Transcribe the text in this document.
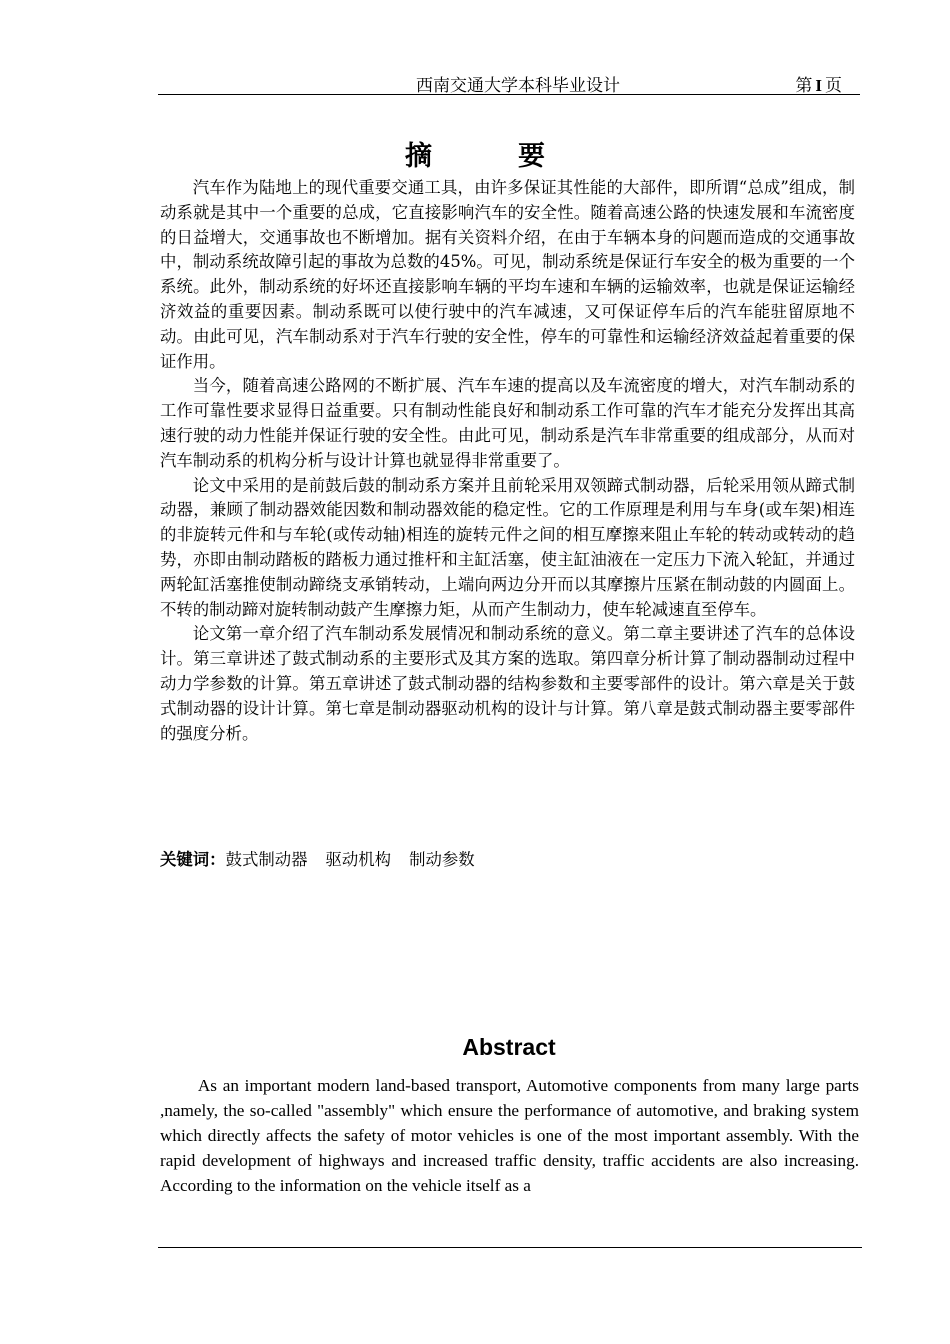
西南交通大学本科毕业设计	第 I 页
摘要

汽车作为陆地上的现代重要交通工具，由许多保证其性能的大部件，即所谓“总成”组成，制动系就是其中一个重要的总成，它直接影响汽车的安全性。随着高速公路的快速发展和车流密度的日益增大，交通事故也不断增加。据有关资料介绍，在由于车辆本身的问题而造成的交通事故中，制动系统故障引起的事故为总数的45%。可见，制动系统是保证行车安全的极为重要的一个系统。此外，制动系统的好坏还直接影响车辆的平均车速和车辆的运输效率，也就是保证运输经济效益的重要因素。制动系既可以使行驶中的汽车减速，又可保证停车后的汽车能驻留原地不动。由此可见，汽车制动系对于汽车行驶的安全性，停车的可靠性和运输经济效益起着重要的保证作用。

当今，随着高速公路网的不断扩展、汽车车速的提高以及车流密度的增大，对汽车制动系的工作可靠性要求显得日益重要。只有制动性能良好和制动系工作可靠的汽车才能充分发挥出其高速行驶的动力性能并保证行驶的安全性。由此可见，制动系是汽车非常重要的组成部分，从而对汽车制动系的机构分析与设计计算也就显得非常重要了。

论文中采用的是前鼓后鼓的制动系方案并且前轮采用双领蹄式制动器，后轮采用领从蹄式制动器，兼顾了制动器效能因数和制动器效能的稳定性。它的工作原理是利用与车身(或车架)相连的非旋转元件和与车轮(或传动轴)相连的旋转元件之间的相互摩擦来阻止车轮的转动或转动的趋势，亦即由制动踏板的踏板力通过推杆和主缸活塞，使主缸油液在一定压力下流入轮缸，并通过两轮缸活塞推使制动蹄绕支承销转动，上端向两边分开而以其摩擦片压紧在制动鼓的内圆面上。不转的制动蹄对旋转制动鼓产生摩擦力矩，从而产生制动力，使车轮减速直至停车。

论文第一章介绍了汽车制动系发展情况和制动系统的意义。第二章主要讲述了汽车的总体设计。第三章讲述了鼓式制动系的主要形式及其方案的选取。第四章分析计算了制动器制动过程中动力学参数的计算。第五章讲述了鼓式制动器的结构参数和主要零部件的设计。第六章是关于鼓式制动器的设计计算。第七章是制动器驱动机构的设计与计算。第八章是鼓式制动器主要零部件的强度分析。

关键词：鼓式制动器 驱动机构 制动参数
Abstract

As an important modern land-based transport, Automotive components from many large parts ,namely, the so-called "assembly" which ensure the performance of automotive, and braking system which directly affects the safety of motor vehicles is one of the most important assembly. With the rapid development of highways and increased traffic density, traffic accidents are also increasing. According to the information on the vehicle itself as a
